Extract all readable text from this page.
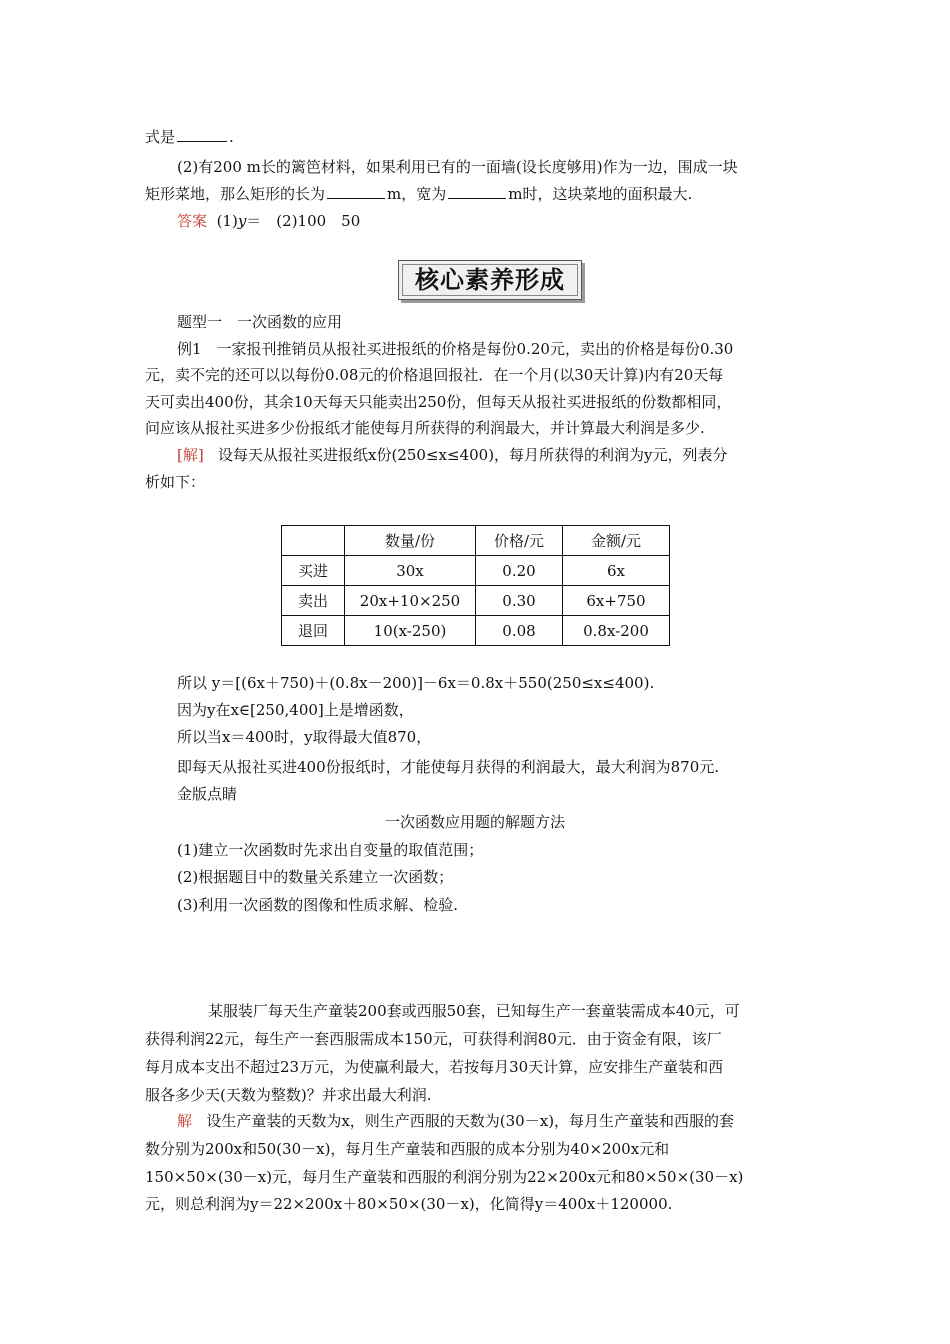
式是	.
(2)有200 m长的篱笆材料，如果利用已有的一面墙(设长度够用)作为一边，围成一块
矩形菜地，那么矩形的长为	m，宽为	m时，这块菜地的面积最大.
答案 (1)y＝　(2)100　50
核心素养形成
题型一　一次函数的应用
例1　一家报刊推销员从报社买进报纸的价格是每份0.20元，卖出的价格是每份0.30
元，卖不完的还可以以每份0.08元的价格退回报社．在一个月(以30天计算)内有20天每
天可卖出400份，其余10天每天只能卖出250份，但每天从报社买进报纸的份数都相同，
问应该从报社买进多少份报纸才能使每月所获得的利润最大，并计算最大利润是多少.
[解] 设每天从报社买进报纸x份(250≤x≤400)，每月所获得的利润为y元，列表分
析如下：
	数量/份	价格/元	金额/元
买进	30x	0.20	6x
卖出	20x+10×250	0.30	6x+750
退回	10(x-250)	0.08	0.8x-200
所以 y＝[(6x＋750)＋(0.8x－200)]－6x＝0.8x＋550(250≤x≤400).
因为y在x∈[250,400]上是增函数，
所以当x＝400时，y取得最大值870，
即每天从报社买进400份报纸时，才能使每月获得的利润最大，最大利润为870元.
金版点睛
一次函数应用题的解题方法
(1)建立一次函数时先求出自变量的取值范围；
(2)根据题目中的数量关系建立一次函数；
(3)利用一次函数的图像和性质求解、检验.
某服装厂每天生产童装200套或西服50套，已知每生产一套童装需成本40元，可
获得利润22元，每生产一套西服需成本150元，可获得利润80元．由于资金有限，该厂
每月成本支出不超过23万元，为使赢利最大，若按每月30天计算，应安排生产童装和西
服各多少天(天数为整数)？并求出最大利润.
解 设生产童装的天数为x，则生产西服的天数为(30－x)，每月生产童装和西服的套
数分别为200x和50(30－x)，每月生产童装和西服的成本分别为40×200x元和
150×50×(30－x)元，每月生产童装和西服的利润分别为22×200x元和80×50×(30－x)
元，则总利润为y＝22×200x＋80×50×(30－x)，化简得y＝400x＋120000.
